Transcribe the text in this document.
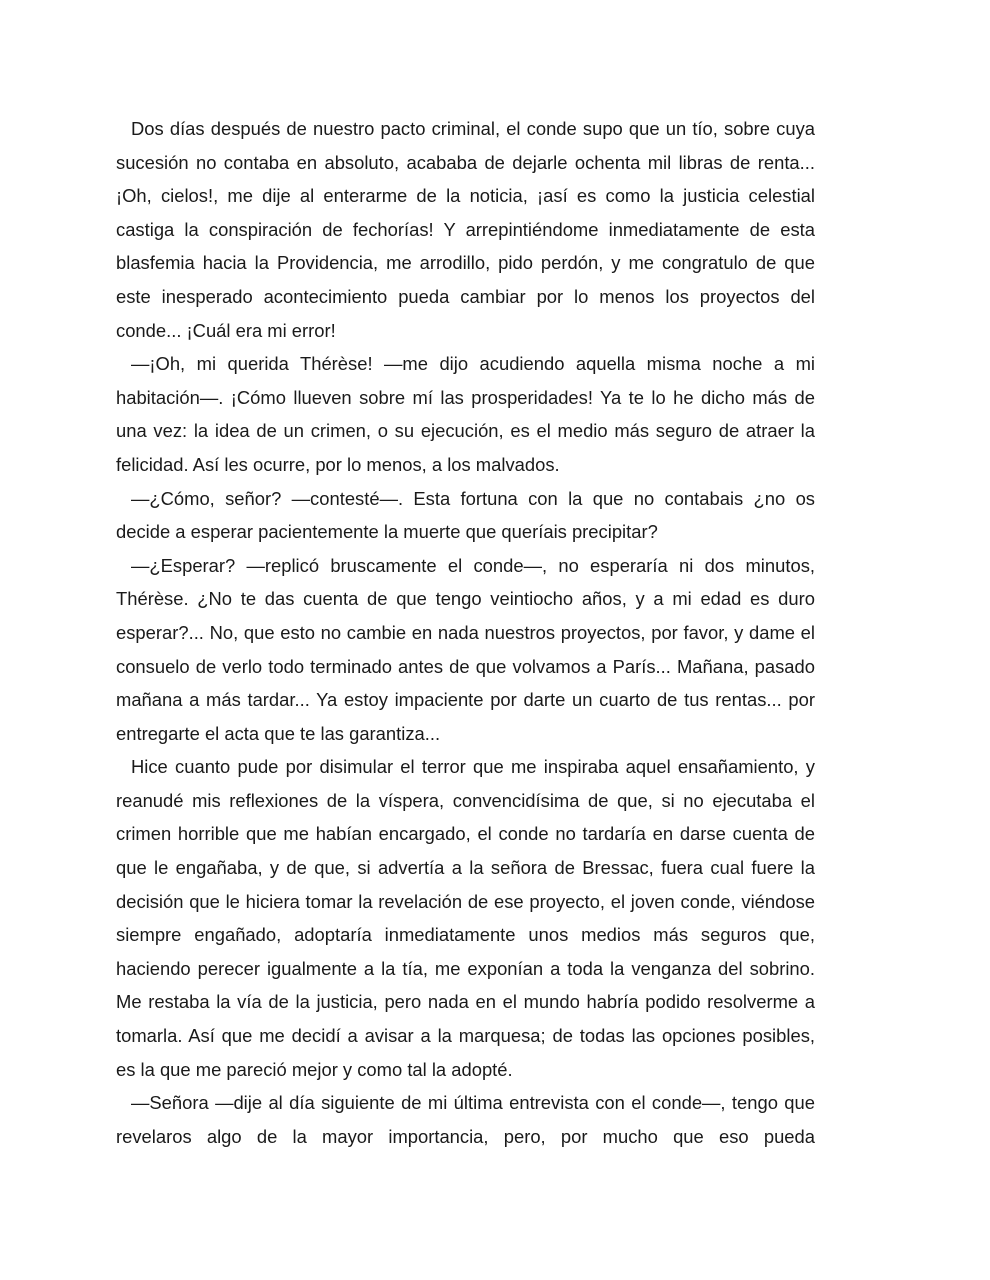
Dos días después de nuestro pacto criminal, el conde supo que un tío, sobre cuya sucesión no contaba en absoluto, acababa de dejarle ochenta mil libras de renta... ¡Oh, cielos!, me dije al enterarme de la noticia, ¡así es como la justicia celestial castiga la conspiración de fechorías! Y arrepintiéndome inmediatamente de esta blasfemia hacia la Providencia, me arrodillo, pido perdón, y me congratulo de que este inesperado acontecimiento pueda cambiar por lo menos los proyectos del conde... ¡Cuál era mi error!

—¡Oh, mi querida Thérèse! —me dijo acudiendo aquella misma noche a mi habitación—. ¡Cómo llueven sobre mí las prosperidades! Ya te lo he dicho más de una vez: la idea de un crimen, o su ejecución, es el medio más seguro de atraer la felicidad. Así les ocurre, por lo menos, a los malvados.

—¿Cómo, señor? —contesté—. Esta fortuna con la que no contabais ¿no os decide a esperar pacientemente la muerte que queríais precipitar?

—¿Esperar? —replicó bruscamente el conde—, no esperaría ni dos minutos, Thérèse. ¿No te das cuenta de que tengo veintiocho años, y a mi edad es duro esperar?... No, que esto no cambie en nada nuestros proyectos, por favor, y dame el consuelo de verlo todo terminado antes de que volvamos a París... Mañana, pasado mañana a más tardar... Ya estoy impaciente por darte un cuarto de tus rentas... por entregarte el acta que te las garantiza...

Hice cuanto pude por disimular el terror que me inspiraba aquel ensañamiento, y reanudé mis reflexiones de la víspera, convencidísima de que, si no ejecutaba el crimen horrible que me habían encargado, el conde no tardaría en darse cuenta de que le engañaba, y de que, si advertía a la señora de Bressac, fuera cual fuere la decisión que le hiciera tomar la revelación de ese proyecto, el joven conde, viéndose siempre engañado, adoptaría inmediatamente unos medios más seguros que, haciendo perecer igualmente a la tía, me exponían a toda la venganza del sobrino. Me restaba la vía de la justicia, pero nada en el mundo habría podido resolverme a tomarla. Así que me decidí a avisar a la marquesa; de todas las opciones posibles, es la que me pareció mejor y como tal la adopté.

—Señora —dije al día siguiente de mi última entrevista con el conde—, tengo que revelaros algo de la mayor importancia, pero, por mucho que eso pueda
